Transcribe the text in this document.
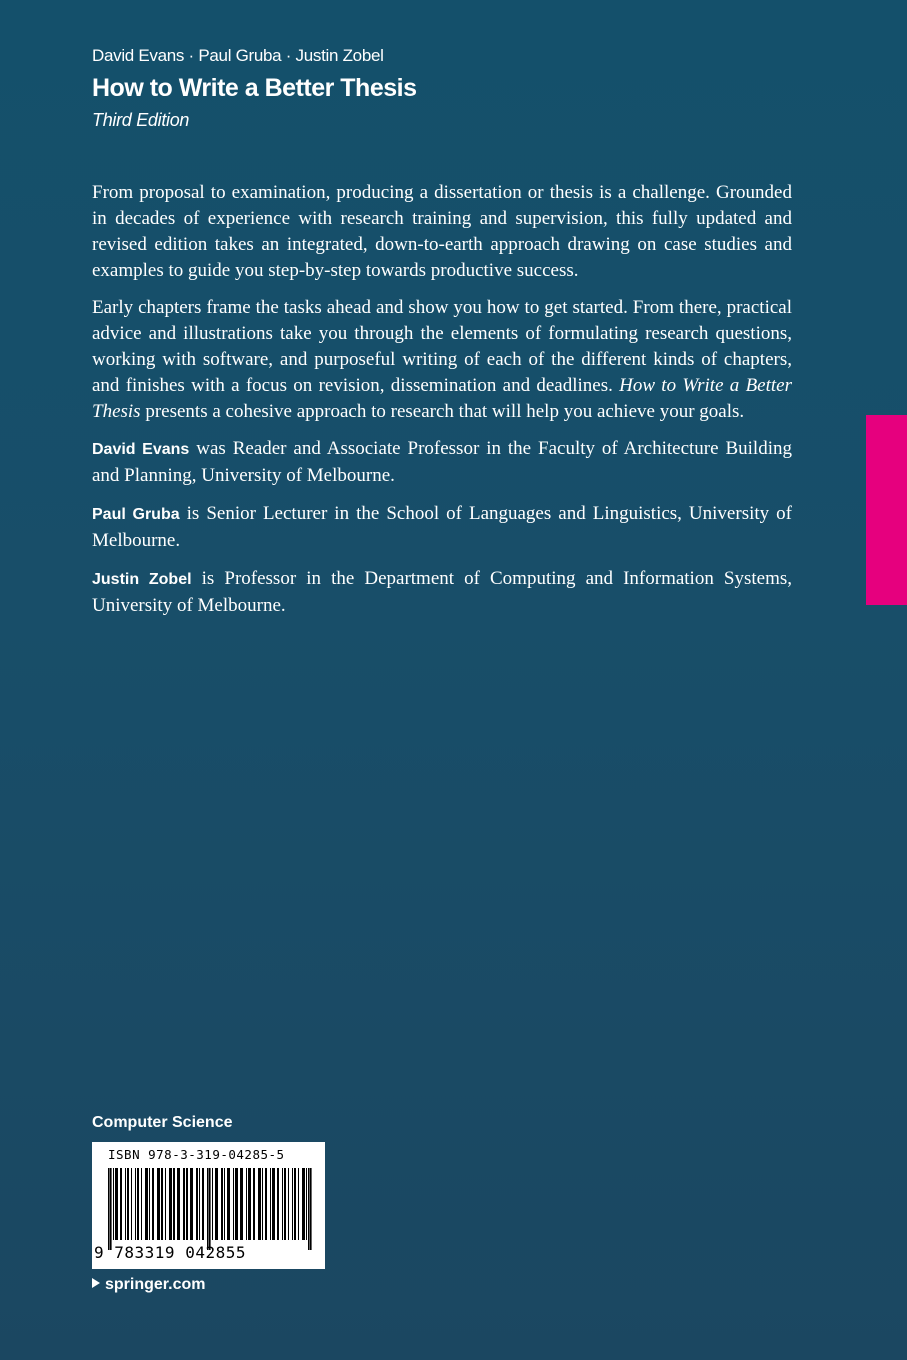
David Evans · Paul Gruba · Justin Zobel
How to Write a Better Thesis
Third Edition

From proposal to examination, producing a dissertation or thesis is a challenge. Grounded in decades of experience with research training and supervision, this fully updated and revised edition takes an integrated, down-to-earth approach drawing on case studies and examples to guide you step-by-step towards productive success.

Early chapters frame the tasks ahead and show you how to get started. From there, practical advice and illustrations take you through the elements of formulating research questions, working with software, and purposeful writing of each of the different kinds of chapters, and finishes with a focus on revision, dissemination and deadlines. How to Write a Better Thesis presents a cohesive approach to research that will help you achieve your goals.

David Evans was Reader and Associate Professor in the Faculty of Architecture Building and Planning, University of Melbourne.

Paul Gruba is Senior Lecturer in the School of Languages and Linguistics, University of Melbourne.

Justin Zobel is Professor in the Department of Computing and Information Systems, University of Melbourne.

Computer Science
ISBN 978-3-319-04285-5
9 783319 042855
springer.com
